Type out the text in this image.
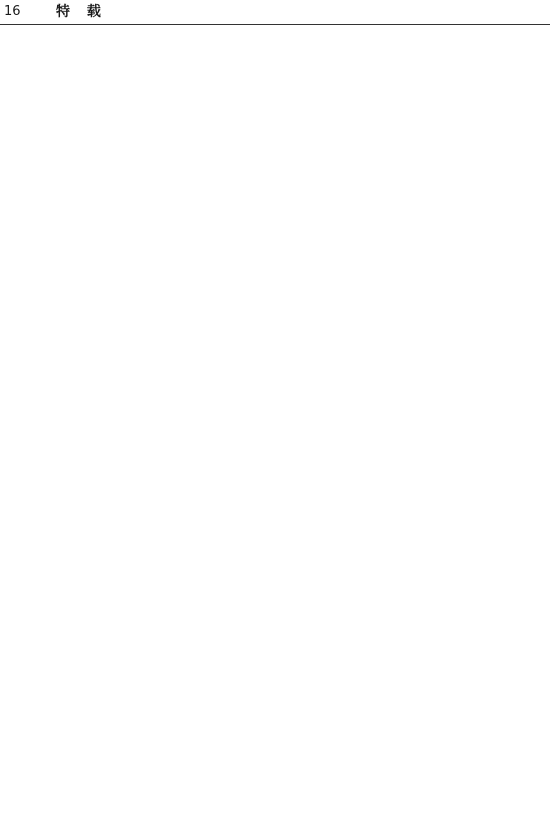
16	特 载
